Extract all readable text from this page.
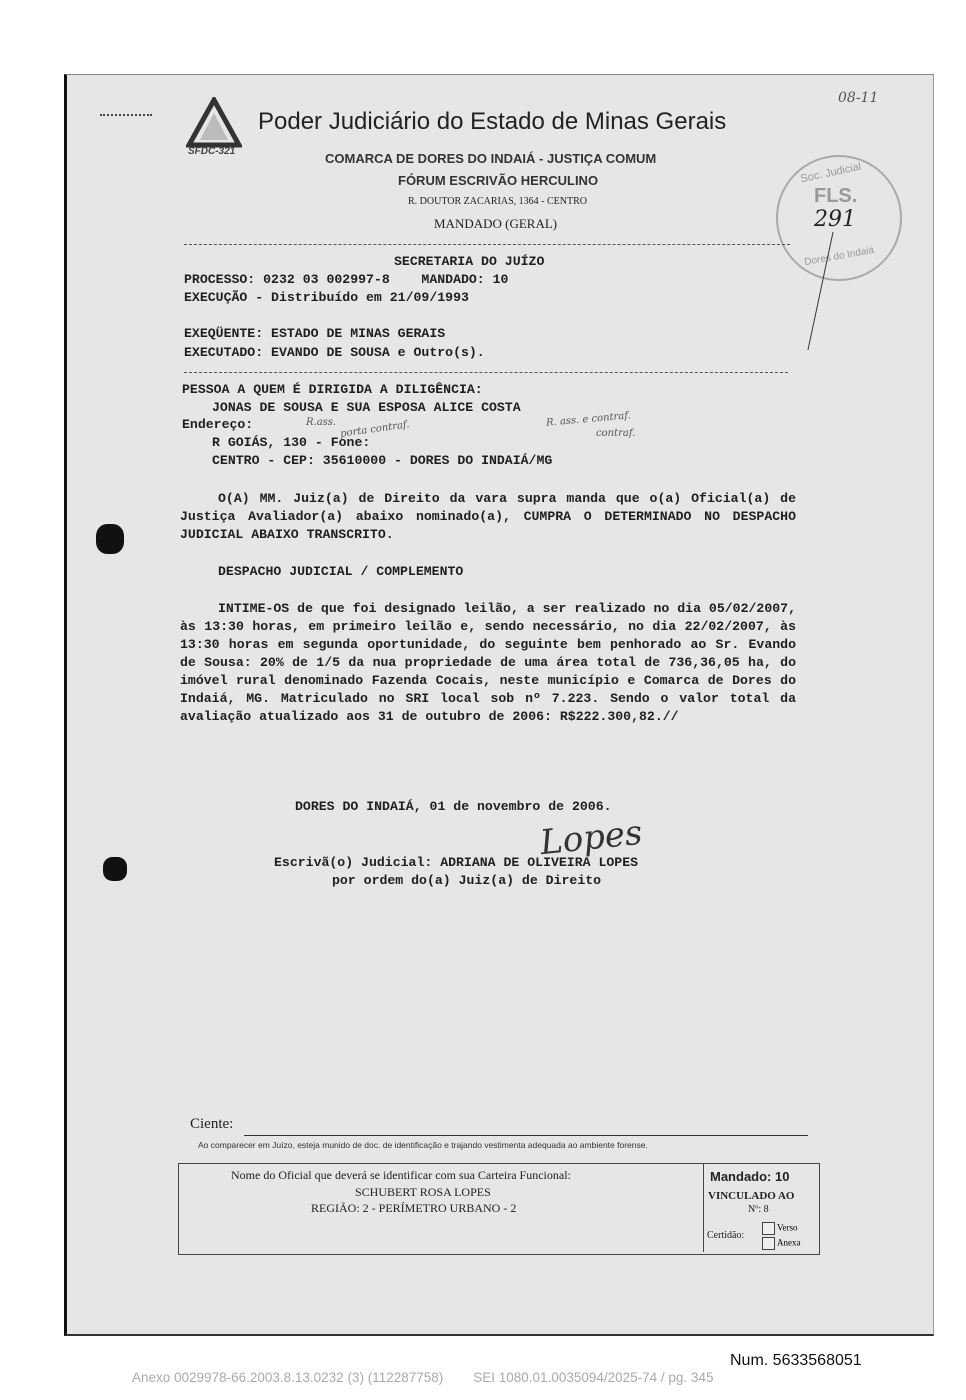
SFDC-321
Poder Judiciário do Estado de Minas Gerais
COMARCA DE DORES DO INDAIÁ - JUSTIÇA COMUM
FÓRUM ESCRIVÃO HERCULINO
R. DOUTOR ZACARIAS, 1364 - CENTRO
MANDADO (GERAL)
Soc. Judicial
FLS.
291
Dores do Indaiá
08-11
SECRETARIA DO JUÍZO
PROCESSO: 0232 03 002997-8    MANDADO: 10
EXECUÇÃO - Distribuído em 21/09/1993
EXEQÜENTE: ESTADO DE MINAS GERAIS
EXECUTADO: EVANDO DE SOUSA e Outro(s).
PESSOA A QUEM É DIRIGIDA A DILIGÊNCIA:
JONAS DE SOUSA E SUA ESPOSA ALICE COSTA
Endereço:
R GOIÁS, 130 - Fone:
CENTRO - CEP: 35610000 - DORES DO INDAIÁ/MG
R.ass. porta contraf.	R. ass. e contraf.
contraf.
O(A) MM. Juiz(a) de Direito da vara supra manda que o(a) Oficial(a) de Justiça Avaliador(a) abaixo nominado(a), CUMPRA O DETERMINADO NO DESPACHO JUDICIAL ABAIXO TRANSCRITO.
DESPACHO JUDICIAL / COMPLEMENTO
INTIME-OS de que foi designado leilão, a ser realizado no dia 05/02/2007, às 13:30 horas, em primeiro leilão e, sendo necessário, no dia 22/02/2007, às 13:30 horas em segunda oportunidade, do seguinte bem penhorado ao Sr. Evando de Sousa: 20% de 1/5 da nua propriedade de uma área total de 736,36,05 ha, do imóvel rural denominado Fazenda Cocais, neste município e Comarca de Dores do Indaiá, MG. Matriculado no SRI local sob nº 7.223. Sendo o valor total da avaliação atualizado aos 31 de outubro de 2006: R$222.300,82.//
DORES DO INDAIÁ, 01 de novembro de 2006.
Lopes
Escrivã(o) Judicial: ADRIANA DE OLIVEIRA LOPES
por ordem do(a) Juiz(a) de Direito
Ciente:
Ao comparecer em Juízo, esteja munido de doc. de identificação e trajando vestimenta adequada ao ambiente forense.
Nome do Oficial que deverá se identificar com sua Carteira Funcional:
SCHUBERT ROSA LOPES
REGIÃO: 2 - PERÍMETRO URBANO - 2
Mandado: 10
VINCULADO AO
Nº: 8
Certidão:
Verso
Anexa
Num. 5633568051
Anexo 0029978-66.2003.8.13.0232 (3) (112287758)        SEI 1080.01.0035094/2025-74 / pg. 345
